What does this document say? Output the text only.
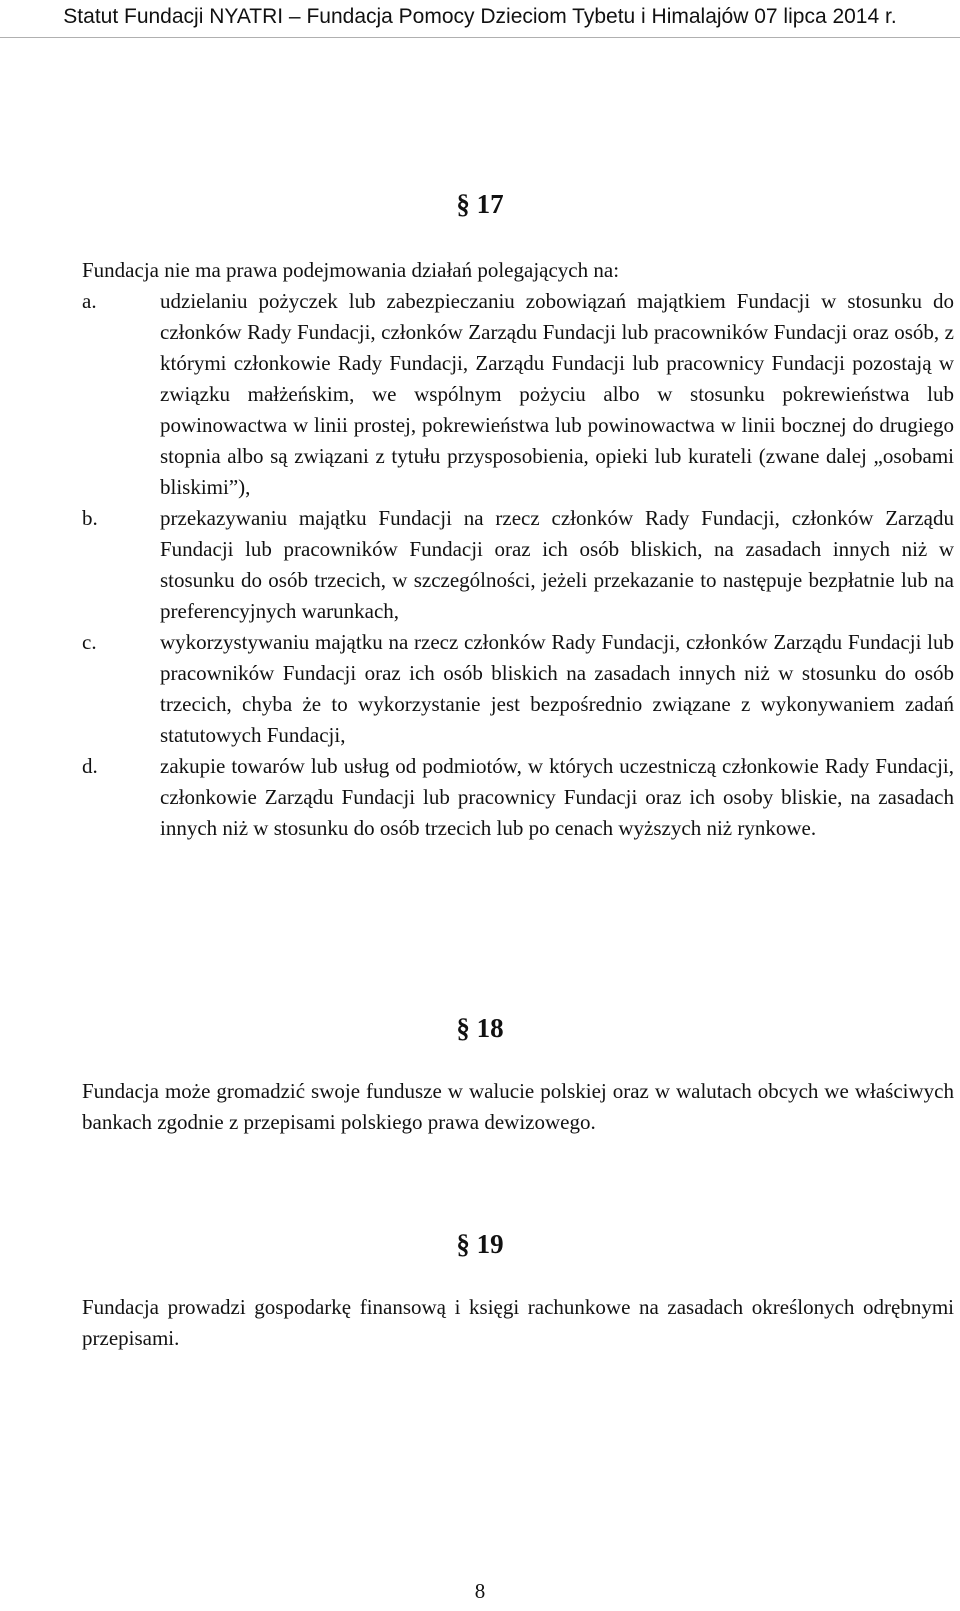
Statut Fundacji NYATRI – Fundacja Pomocy Dzieciom Tybetu i Himalajów 07 lipca 2014 r.
§ 17
Fundacja nie ma prawa podejmowania działań polegających na:
a.	udzielaniu pożyczek lub zabezpieczaniu zobowiązań majątkiem Fundacji w stosunku do członków Rady Fundacji, członków Zarządu Fundacji lub pracowników Fundacji oraz osób, z którymi członkowie Rady Fundacji, Zarządu Fundacji lub pracownicy Fundacji pozostają w związku małżeńskim, we wspólnym pożyciu albo w stosunku pokrewieństwa lub powinowactwa w linii prostej, pokrewieństwa lub powinowactwa w linii bocznej do drugiego stopnia albo są związani z tytułu przysposobienia, opieki lub kurateli (zwane dalej „osobami bliskimi”),
b.	przekazywaniu majątku Fundacji na rzecz członków Rady Fundacji, członków Zarządu Fundacji lub pracowników Fundacji oraz ich osób bliskich, na zasadach innych niż w stosunku do osób trzecich, w szczególności, jeżeli przekazanie to następuje bezpłatnie lub na preferencyjnych warunkach,
c.	wykorzystywaniu majątku na rzecz członków Rady Fundacji, członków Zarządu Fundacji lub pracowników Fundacji oraz ich osób bliskich na zasadach innych niż w stosunku do osób trzecich, chyba że to wykorzystanie jest bezpośrednio związane z wykonywaniem zadań statutowych Fundacji,
d.	zakupie towarów lub usług od podmiotów, w których uczestniczą członkowie Rady Fundacji, członkowie Zarządu Fundacji lub pracownicy Fundacji oraz ich osoby bliskie, na zasadach innych niż w stosunku do osób trzecich lub po cenach wyższych niż rynkowe.
§ 18
Fundacja może gromadzić swoje fundusze w walucie polskiej oraz w walutach obcych we właściwych bankach zgodnie z przepisami polskiego prawa dewizowego.
§ 19
Fundacja prowadzi gospodarkę finansową i księgi rachunkowe na zasadach określonych odrębnymi przepisami.
8
